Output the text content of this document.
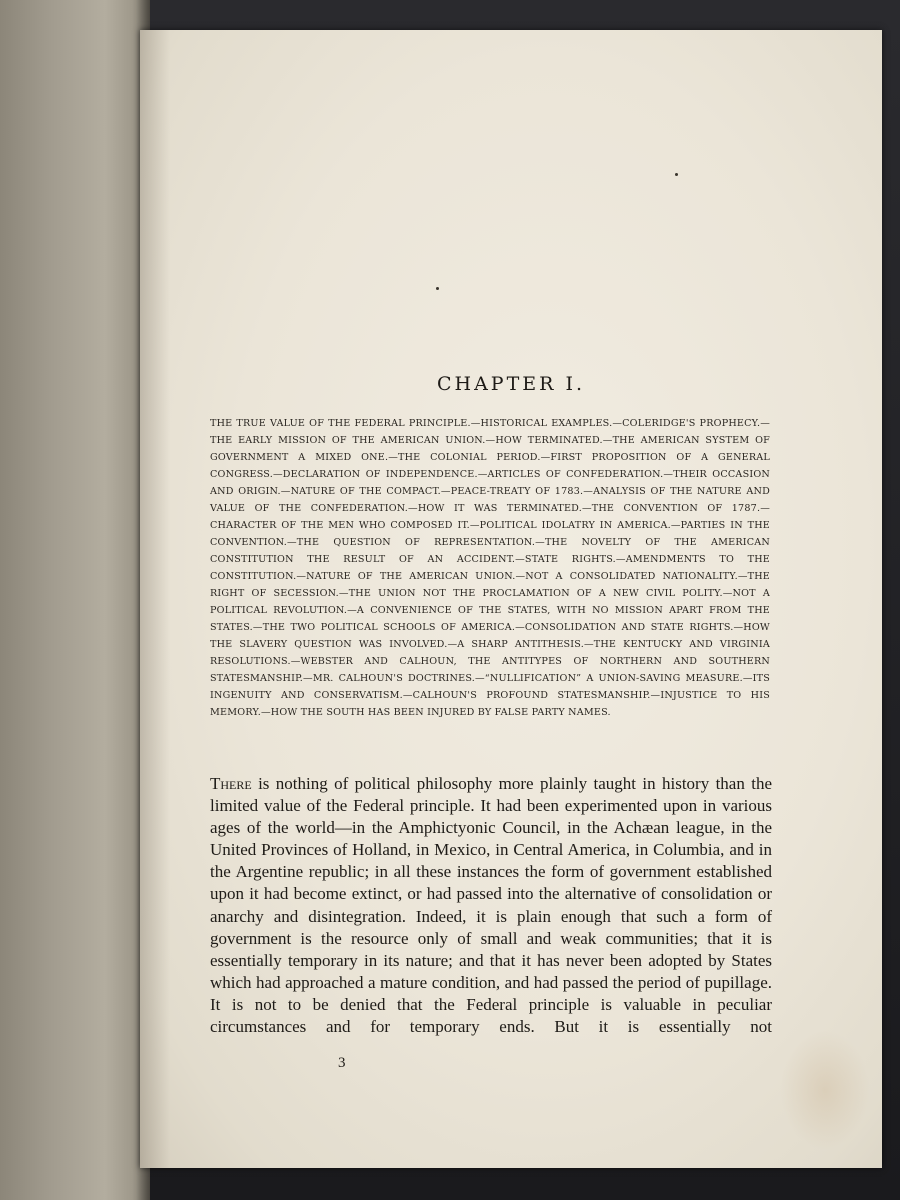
CHAPTER I.
THE TRUE VALUE OF THE FEDERAL PRINCIPLE.—HISTORICAL EXAMPLES.—COLERIDGE'S PROPHECY.—THE EARLY MISSION OF THE AMERICAN UNION.—HOW TERMINATED.—THE AMERICAN SYSTEM OF GOVERNMENT A MIXED ONE.—THE COLONIAL PERIOD.—FIRST PROPOSITION OF A GENERAL CONGRESS.—DECLARATION OF INDEPENDENCE.—ARTICLES OF CONFEDERATION.—THEIR OCCASION AND ORIGIN.—NATURE OF THE COMPACT.—PEACE-TREATY OF 1783.—ANALYSIS OF THE NATURE AND VALUE OF THE CONFEDERATION.—HOW IT WAS TERMINATED.—THE CONVENTION OF 1787.—CHARACTER OF THE MEN WHO COMPOSED IT.—POLITICAL IDOLATRY IN AMERICA.—PARTIES IN THE CONVENTION.—THE QUESTION OF REPRESENTATION.—THE NOVELTY OF THE AMERICAN CONSTITUTION THE RESULT OF AN ACCIDENT.—STATE RIGHTS.—AMENDMENTS TO THE CONSTITUTION.—NATURE OF THE AMERICAN UNION.—NOT A CONSOLIDATED NATIONALITY.—THE RIGHT OF SECESSION.—THE UNION NOT THE PROCLAMATION OF A NEW CIVIL POLITY.—NOT A POLITICAL REVOLUTION.—A CONVENIENCE OF THE STATES, WITH NO MISSION APART FROM THE STATES.—THE TWO POLITICAL SCHOOLS OF AMERICA.—CONSOLIDATION AND STATE RIGHTS.—HOW THE SLAVERY QUESTION WAS INVOLVED.—A SHARP ANTITHESIS.—THE KENTUCKY AND VIRGINIA RESOLUTIONS.—WEBSTER AND CALHOUN, THE ANTITYPES OF NORTHERN AND SOUTHERN STATESMANSHIP.—MR. CALHOUN'S DOCTRINES.—“NULLIFICATION” A UNION-SAVING MEASURE.—ITS INGENUITY AND CONSERVATISM.—CALHOUN'S PROFOUND STATESMANSHIP.—INJUSTICE TO HIS MEMORY.—HOW THE SOUTH HAS BEEN INJURED BY FALSE PARTY NAMES.
There is nothing of political philosophy more plainly taught in history than the limited value of the Federal principle. It had been experimented upon in various ages of the world—in the Amphictyonic Council, in the Achæan league, in the United Provinces of Holland, in Mexico, in Central America, in Columbia, and in the Argentine republic; in all these instances the form of government established upon it had become extinct, or had passed into the alternative of consolidation or anarchy and disintegration. Indeed, it is plain enough that such a form of government is the resource only of small and weak communities; that it is essentially temporary in its nature; and that it has never been adopted by States which had approached a mature condition, and had passed the period of pupillage. It is not to be denied that the Federal principle is valuable in peculiar circumstances and for temporary ends. But it is essentially not
3
